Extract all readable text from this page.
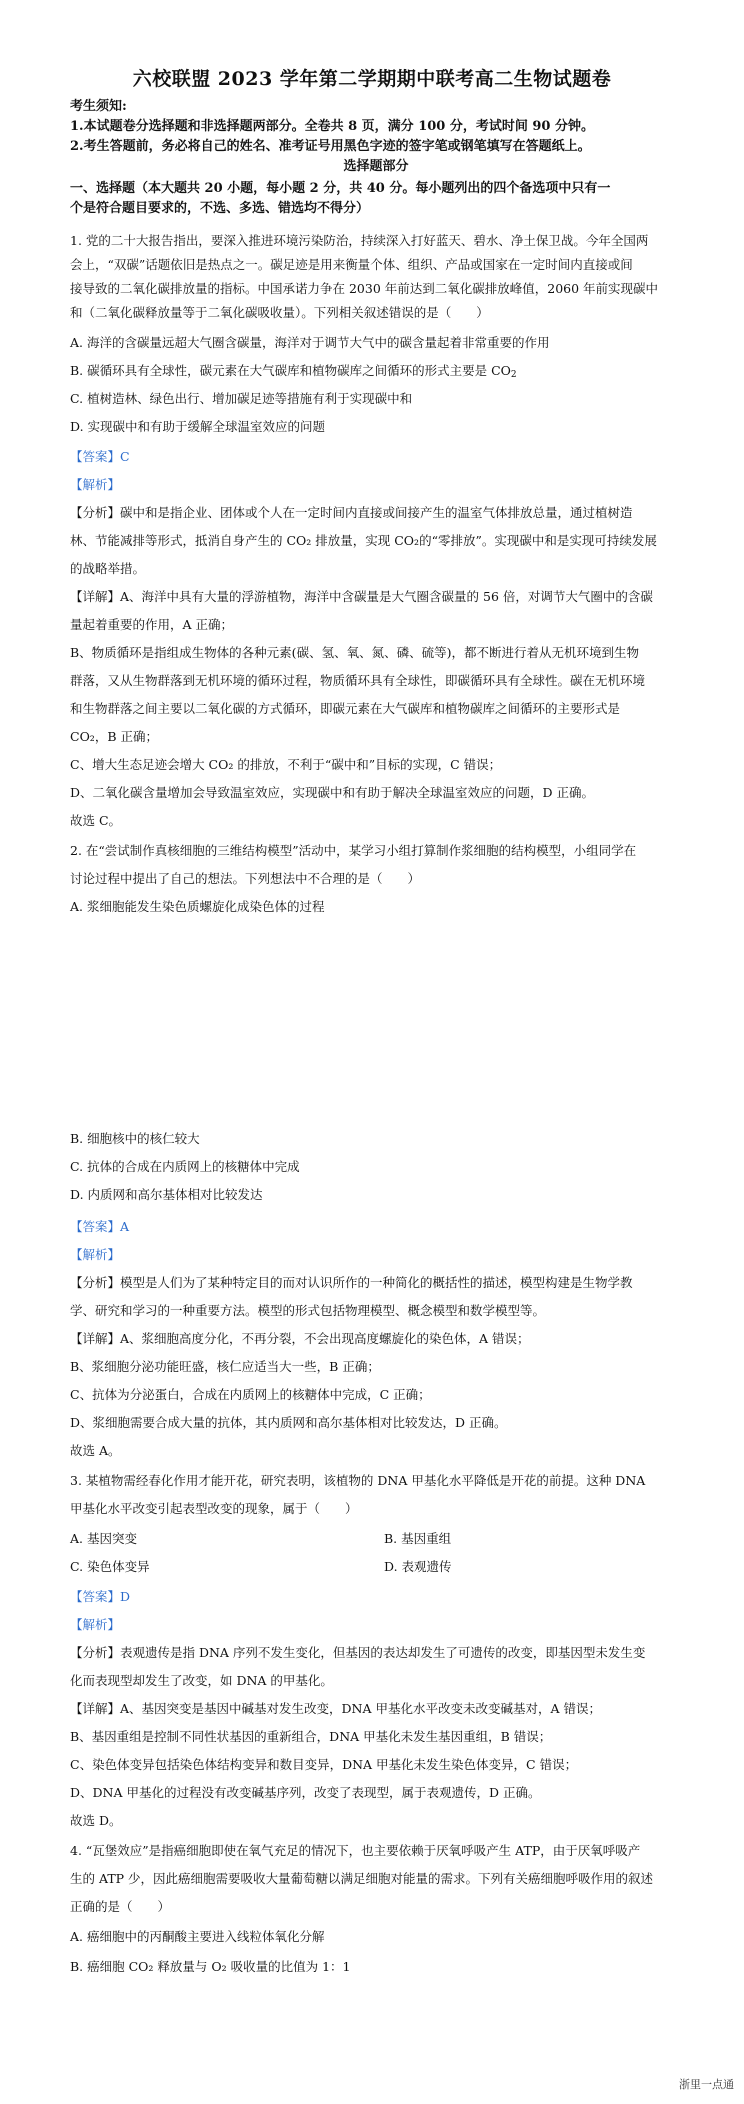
六校联盟 2023 学年第二学期期中联考高二生物试题卷
考生须知:
1.本试题卷分选择题和非选择题两部分。全卷共 8 页，满分 100 分，考试时间 90 分钟。
2.考生答题前，务必将自己的姓名、准考证号用黑色字迹的签字笔或钢笔填写在答题纸上。
选择题部分
一、选择题（本大题共 20 小题，每小题 2 分，共 40 分。每小题列出的四个备选项中只有一
个是符合题目要求的，不选、多选、错选均不得分）
1. 党的二十大报告指出，要深入推进环境污染防治，持续深入打好蓝天、碧水、净土保卫战。今年全国两
会上，“双碳”话题依旧是热点之一。碳足迹是用来衡量个体、组织、产品或国家在一定时间内直接或间
接导致的二氧化碳排放量的指标。中国承诺力争在 2030 年前达到二氧化碳排放峰值，2060 年前实现碳中
和（二氧化碳释放量等于二氧化碳吸收量）。下列相关叙述错误的是（　　）
A. 海洋的含碳量远超大气圈含碳量，海洋对于调节大气中的碳含量起着非常重要的作用
B. 碳循环具有全球性，碳元素在大气碳库和植物碳库之间循环的形式主要是 $CO_2$
C. 植树造林、绿色出行、增加碳足迹等措施有利于实现碳中和
D. 实现碳中和有助于缓解全球温室效应的问题
【答案】C
【解析】
【分析】碳中和是指企业、团体或个人在一定时间内直接或间接产生的温室气体排放总量，通过植树造
林、节能减排等形式，抵消自身产生的 CO₂ 排放量，实现 CO₂的“零排放”。实现碳中和是实现可持续发展
的战略举措。
【详解】A、海洋中具有大量的浮游植物，海洋中含碳量是大气圈含碳量的 56 倍，对调节大气圈中的含碳
量起着重要的作用，A 正确；
B、物质循环是指组成生物体的各种元素(碳、氢、氧、氮、磷、硫等)，都不断进行着从无机环境到生物
群落，又从生物群落到无机环境的循环过程，物质循环具有全球性，即碳循环具有全球性。碳在无机环境
和生物群落之间主要以二氧化碳的方式循环，即碳元素在大气碳库和植物碳库之间循环的主要形式是
CO₂，B 正确；
C、增大生态足迹会增大 CO₂ 的排放，不利于“碳中和”目标的实现，C 错误；
D、二氧化碳含量增加会导致温室效应，实现碳中和有助于解决全球温室效应的问题，D 正确。
故选 C。
2. 在“尝试制作真核细胞的三维结构模型”活动中，某学习小组打算制作浆细胞的结构模型，小组同学在
讨论过程中提出了自己的想法。下列想法中不合理的是（　　）
A. 浆细胞能发生染色质螺旋化成染色体的过程
B. 细胞核中的核仁较大
C. 抗体的合成在内质网上的核糖体中完成
D. 内质网和高尔基体相对比较发达
【答案】A
【解析】
【分析】模型是人们为了某种特定目的而对认识所作的一种简化的概括性的描述，模型构建是生物学教
学、研究和学习的一种重要方法。模型的形式包括物理模型、概念模型和数学模型等。
【详解】A、浆细胞高度分化，不再分裂，不会出现高度螺旋化的染色体，A 错误；
B、浆细胞分泌功能旺盛，核仁应适当大一些，B 正确；
C、抗体为分泌蛋白，合成在内质网上的核糖体中完成，C 正确；
D、浆细胞需要合成大量的抗体，其内质网和高尔基体相对比较发达，D 正确。
故选 A。
3. 某植物需经春化作用才能开花，研究表明，该植物的 DNA 甲基化水平降低是开花的前提。这种 DNA
甲基化水平改变引起表型改变的现象，属于（　　）
A. 基因突变	B. 基因重组
C. 染色体变异	D. 表观遗传
【答案】D
【解析】
【分析】表观遗传是指 DNA 序列不发生变化，但基因的表达却发生了可遗传的改变，即基因型未发生变
化而表现型却发生了改变，如 DNA 的甲基化。
【详解】A、基因突变是基因中碱基对发生改变，DNA 甲基化水平改变未改变碱基对，A 错误；
B、基因重组是控制不同性状基因的重新组合，DNA 甲基化未发生基因重组，B 错误；
C、染色体变异包括染色体结构变异和数目变异，DNA 甲基化未发生染色体变异，C 错误；
D、DNA 甲基化的过程没有改变碱基序列，改变了表现型，属于表观遗传，D 正确。
故选 D。
4. “瓦堡效应”是指癌细胞即使在氧气充足的情况下，也主要依赖于厌氧呼吸产生 ATP，由于厌氧呼吸产
生的 ATP 少，因此癌细胞需要吸收大量葡萄糖以满足细胞对能量的需求。下列有关癌细胞呼吸作用的叙述
正确的是（　　）
A. 癌细胞中的丙酮酸主要进入线粒体氧化分解
B. 癌细胞 CO₂ 释放量与 O₂ 吸收量的比值为 1：1
浙里一点通
